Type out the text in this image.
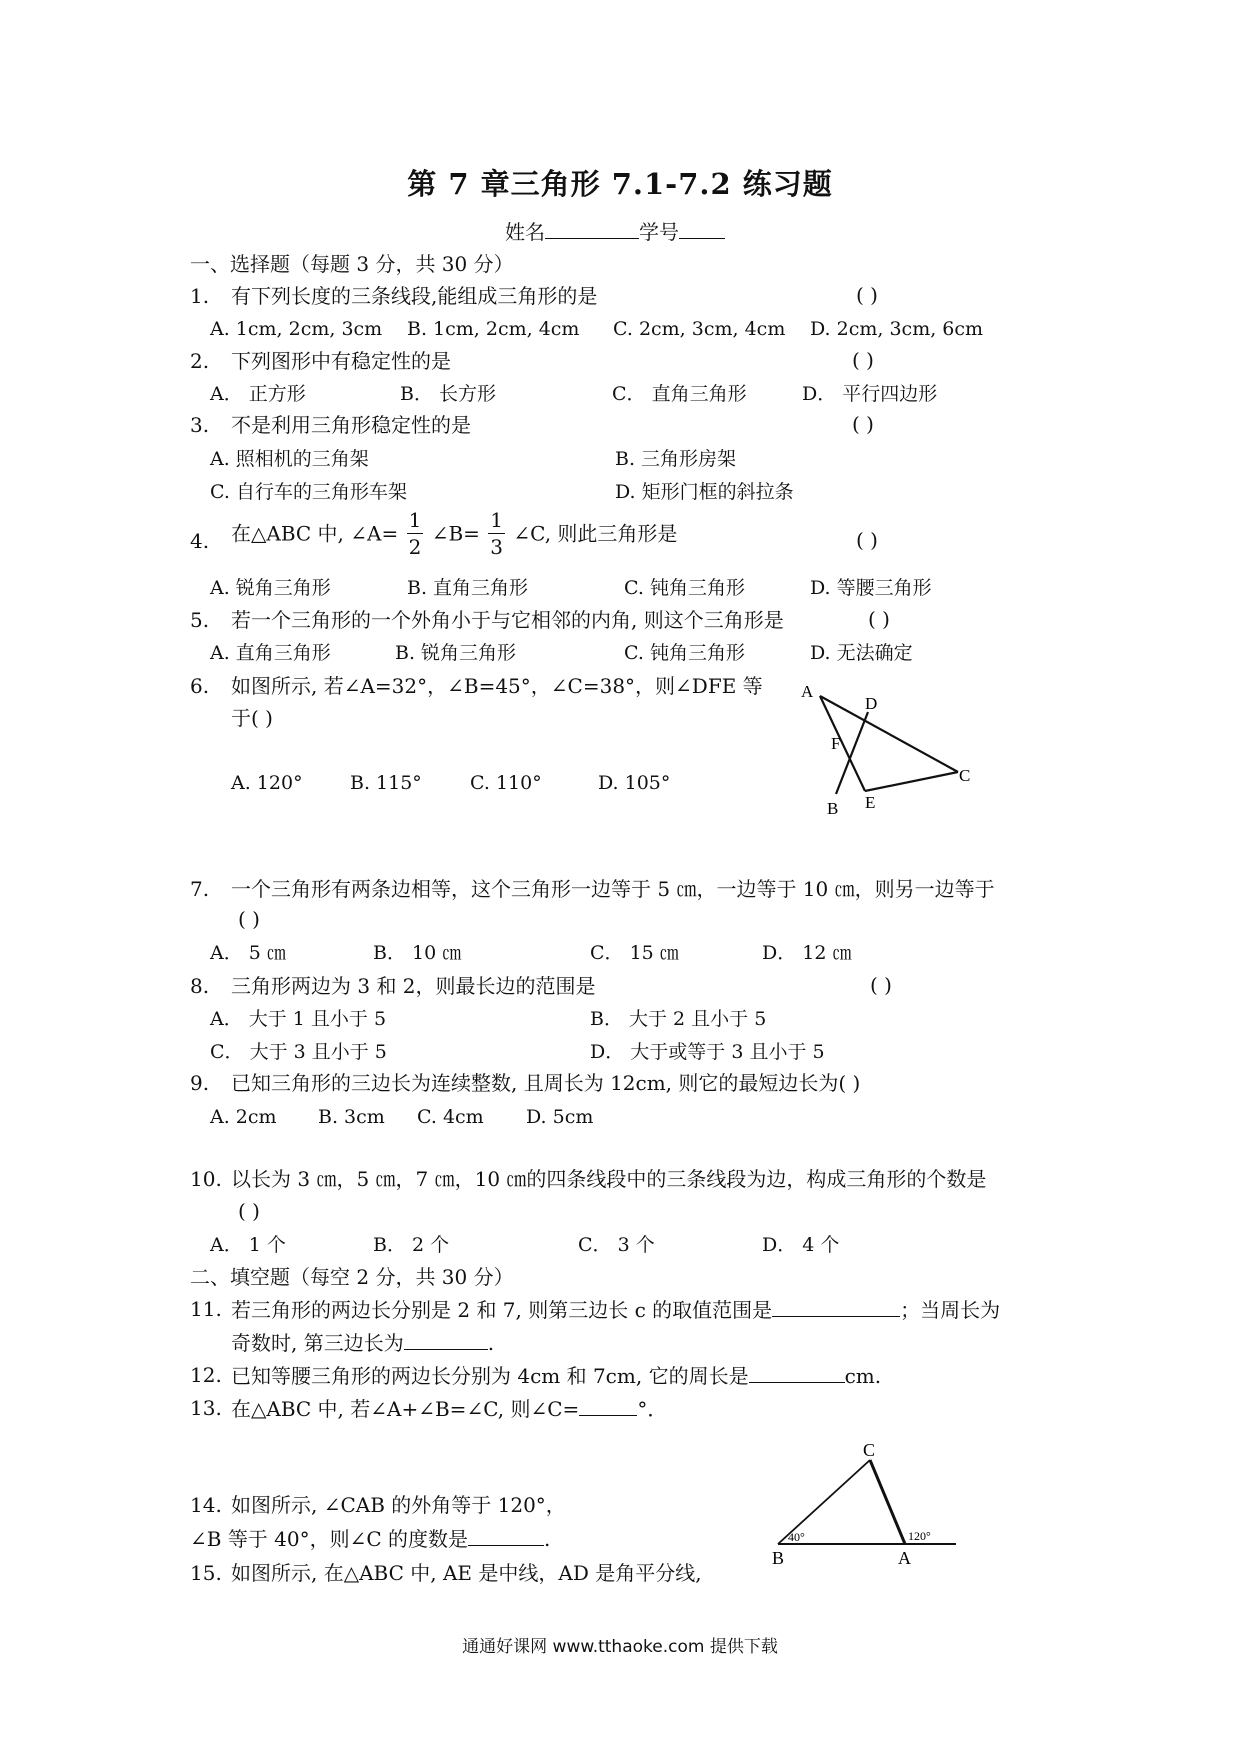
第 7 章三角形 7.1-7.2 练习题
姓名	学号
一、选择题（每题 3 分，共 30 分）
1. 有下列长度的三条线段,能组成三角形的是	( )
A. 1cm, 2cm, 3cm B. 1cm, 2cm, 4cm C. 2cm, 3cm, 4cm D. 2cm, 3cm, 6cm
2. 下列图形中有稳定性的是	( )
A． 正方形	B． 长方形	C． 直角三角形	D． 平行四边形
3. 不是利用三角形稳定性的是	( )
A. 照相机的三角架	B. 三角形房架
C. 自行车的三角形车架	D. 矩形门框的斜拉条
4. 在△ABC 中, ∠A= $\frac{1}{2}$ ∠B= $\frac{1}{3}$ ∠C, 则此三角形是	( )
A. 锐角三角形	B. 直角三角形	C. 钝角三角形	D. 等腰三角形
5. 若一个三角形的一个外角小于与它相邻的内角, 则这个三角形是	( )
A. 直角三角形	B. 锐角三角形	C. 钝角三角形	D. 无法确定
6. 如图所示, 若∠A=32°，∠B=45°，∠C=38°，则∠DFE 等
于( )
A. 120° B. 115°	C. 110°	D. 105°
A
D
F
C
B E
7. 一个三角形有两条边相等，这个三角形一边等于 5 ㎝，一边等于 10 ㎝，则另一边等于
( )
A． 5 ㎝	B． 10 ㎝	C． 15 ㎝	D． 12 ㎝
8. 三角形两边为 3 和 2，则最长边的范围是	( )
A． 大于 1 且小于 5	B． 大于 2 且小于 5
C． 大于 3 且小于 5	D． 大于或等于 3 且小于 5
9. 已知三角形的三边长为连续整数, 且周长为 12cm, 则它的最短边长为( )
A. 2cm B. 3cm C. 4cm D. 5cm
10. 以长为 3 ㎝，5 ㎝，7 ㎝，10 ㎝的四条线段中的三条线段为边，构成三角形的个数是
( )
A． 1 个	B． 2 个	C． 3 个	D． 4 个
二、填空题（每空 2 分，共 30 分）
11. 若三角形的两边长分别是 2 和 7, 则第三边长 c 的取值范围是	；当周长为
奇数时, 第三边长为	.
12. 已知等腰三角形的两边长分别为 4cm 和 7cm, 它的周长是	cm.
13. 在△ABC 中, 若∠A+∠B=∠C, 则∠C=	°．
14. 如图所示, ∠CAB 的外角等于 120°，
∠B 等于 40°，则∠C 的度数是	.
C
B	A
40°	120°
15. 如图所示, 在△ABC 中, AE 是中线，AD 是角平分线,
通通好课网 www.tthaoke.com 提供下载
